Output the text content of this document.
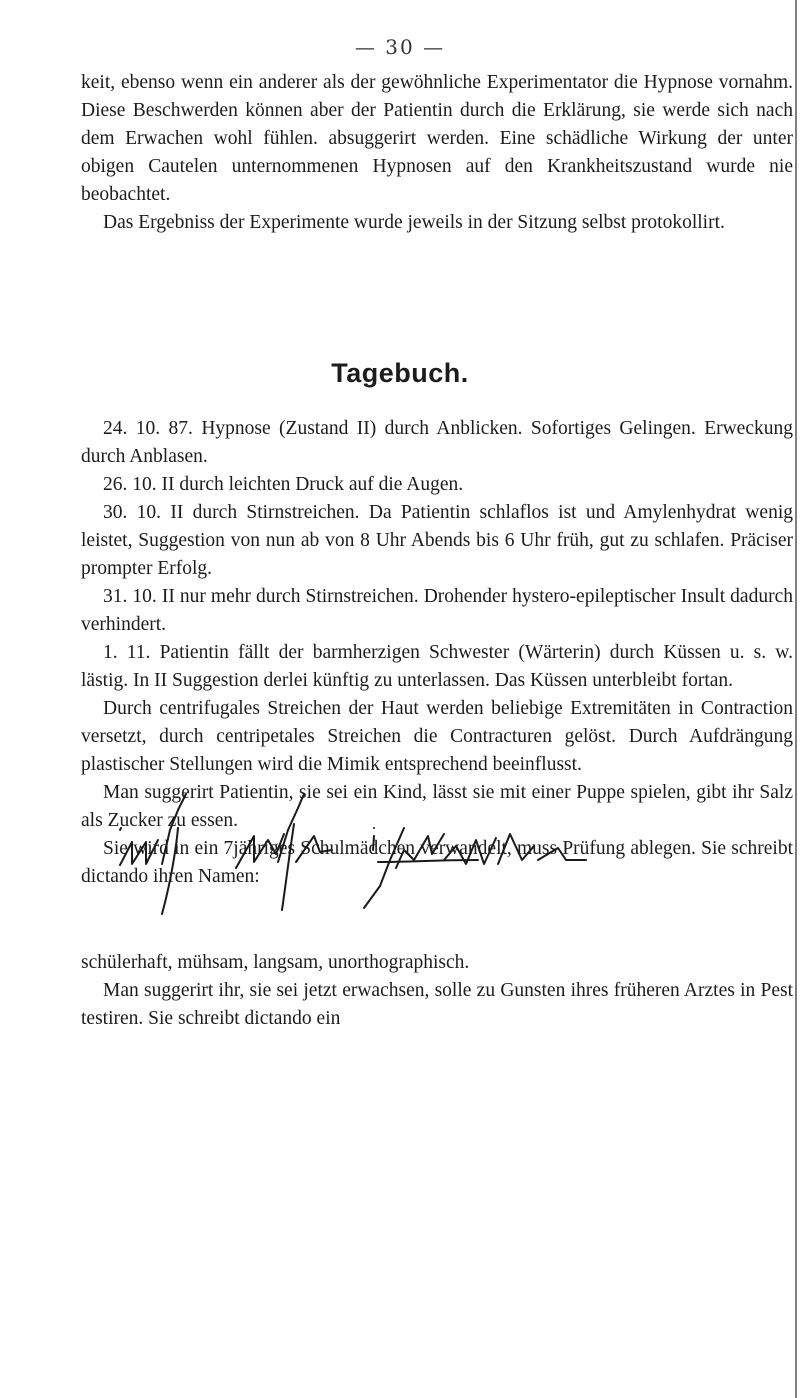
— 30 —

keit, ebenso wenn ein anderer als der gewöhnliche Experimentator die Hypnose vornahm. Diese Beschwerden können aber der Patientin durch die Erklärung, sie werde sich nach dem Erwachen wohl fühlen. absuggerirt werden. Eine schädliche Wirkung der unter obigen Cautelen unternommenen Hypnosen auf den Krankheitszustand wurde nie beobachtet.

Das Ergebniss der Experimente wurde jeweils in der Sitzung selbst protokollirt.

Tagebuch.

24. 10. 87. Hypnose (Zustand II) durch Anblicken. Sofortiges Gelingen. Erweckung durch Anblasen.

26. 10. II durch leichten Druck auf die Augen.

30. 10. II durch Stirnstreichen. Da Patientin schlaflos ist und Amylenhydrat wenig leistet, Suggestion von nun ab von 8 Uhr Abends bis 6 Uhr früh, gut zu schlafen. Präciser prompter Erfolg.

31. 10. II nur mehr durch Stirnstreichen. Drohender hystero-epileptischer Insult dadurch verhindert.

1. 11. Patientin fällt der barmherzigen Schwester (Wärterin) durch Küssen u. s. w. lästig. In II Suggestion derlei künftig zu unterlassen. Das Küssen unterbleibt fortan.

Durch centrifugales Streichen der Haut werden beliebige Extremitäten in Contraction versetzt, durch centripetales Streichen die Contracturen gelöst. Durch Aufdrängung plastischer Stellungen wird die Mimik entsprechend beeinflusst.

Man suggerirt Patientin, sie sei ein Kind, lässt sie mit einer Puppe spielen, gibt ihr Salz als Zucker zu essen.

Sie wird in ein 7jähriges Schulmädchen verwandelt, muss Prüfung ablegen. Sie schreibt dictando ihren Namen:

schülerhaft, mühsam, langsam, unorthographisch.

Man suggerirt ihr, sie sei jetzt erwachsen, solle zu Gunsten ihres früheren Arztes in Pest testiren. Sie schreibt dictando ein
